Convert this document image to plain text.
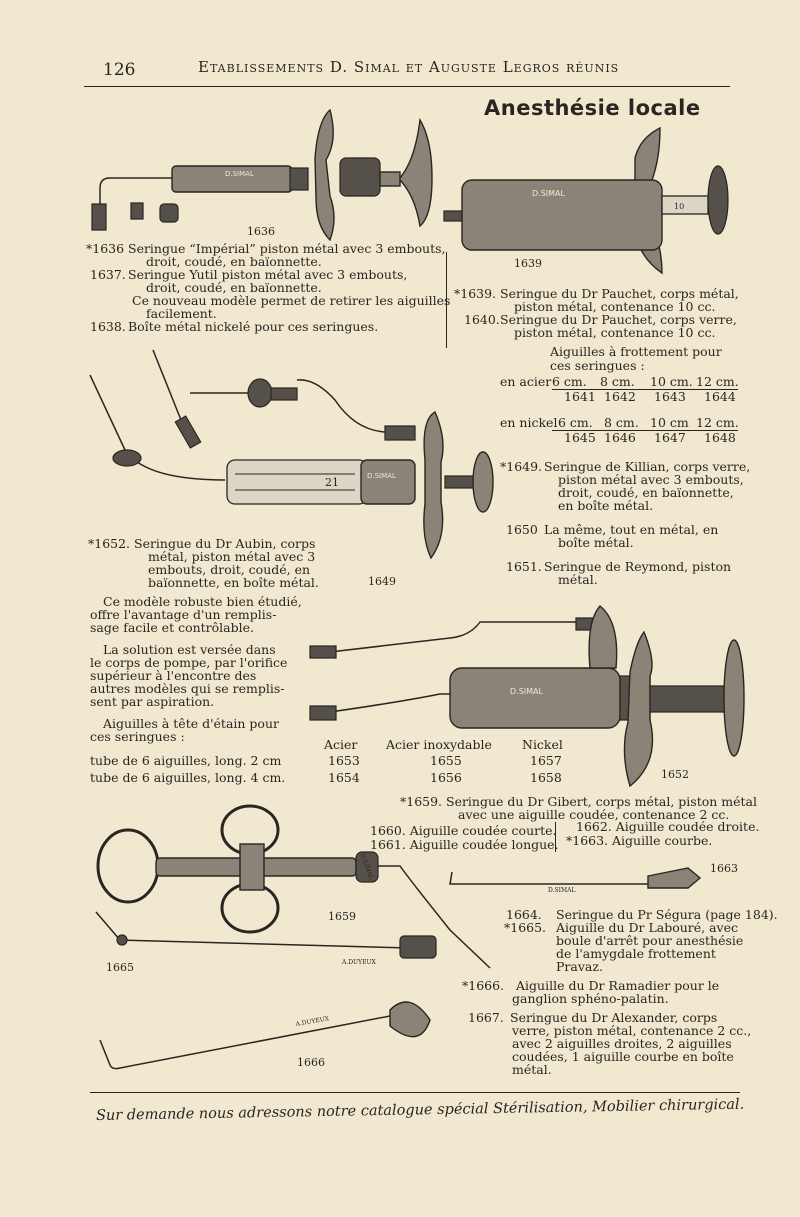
126	Etablissements D. Simal et Auguste Legros réunis
Anesthésie locale
D.SIMAL
1636
D.SIMAL
10
1639
*1636 Seringue “Impérial” piston métal avec 3 embouts,
droit, coudé, en baïonnette.
1637. Seringue Yutil piston métal avec 3 embouts,
droit, coudé, en baïonnette.
Ce nouveau modèle permet de retirer les aiguilles
facilement.
1638. Boîte métal nickelé pour ces seringues.
*1639. Seringue du Dr Pauchet, corps métal,
piston métal, contenance 10 cc.
1640.Seringue du Dr Pauchet, corps verre,
piston métal, contenance 10 cc.
Aiguilles à frottement pour ces seringues :
en acier 6 cm.	8 cm.	10 cm. 12 cm.
1641 1642	1643	1644
en nickel 6 cm. 8 cm. 10 cm 12 cm.
1645 1646	1647	1648
*1649. Seringue de Killian, corps verre,
piston métal avec 3 embouts,
droit, coudé, en baïonnette,
en boîte métal.
1650 La même, tout en métal, en
boîte métal.
1651. Seringue de Reymond, piston
métal.
21	D.SIMAL
1649
*1652. Seringue du Dr Aubin, corps
métal, piston métal avec 3
embouts, droit, coudé, en
baïonnette, en boîte métal.
Ce modèle robuste bien étudié,
offre l'avantage d'un remplis-
sage facile et contrôlable.
La solution est versée dans
le corps de pompe, par l'orifice
supérieur à l'encontre des
autres modèles qui se remplis-
sent par aspiration.
Aiguilles à tête d'étain pour
ces seringues :
D.SIMAL
1652
Acier Acier inoxydable Nickel
tube de 6 aiguilles, long. 2 cm	1653	1655	1657
tube de 6 aiguilles, long. 4 cm.	1654	1656	1658
*1659. Seringue du Dr Gibert, corps métal, piston métal
avec une aiguille coudée, contenance 2 cc.
1660. Aiguille coudée courte.
1661. Aiguille coudée longue.
1662. Aiguille coudée droite.
*1663. Aiguille courbe.
D.SIMAL
A.DUYEUX
A.DUYEUX
1659
1665
1666
D.SIMAL
1663
1664. Seringue du Pr Ségura (page 184).
*1665. Aiguille du Dr Labouré, avec
boule d'arrêt pour anesthésie
de l'amygdale frottement
Pravaz.
*1666. Aiguille du Dr Ramadier pour le
ganglion sphéno-palatin.
1667. Seringue du Dr Alexander, corps
verre, piston métal, contenance 2 cc.,
avec 2 aiguilles droites, 2 aiguilles
coudées, 1 aiguille courbe en boîte
métal.
Sur demande nous adressons notre catalogue spécial Stérilisation, Mobilier chirurgical.
